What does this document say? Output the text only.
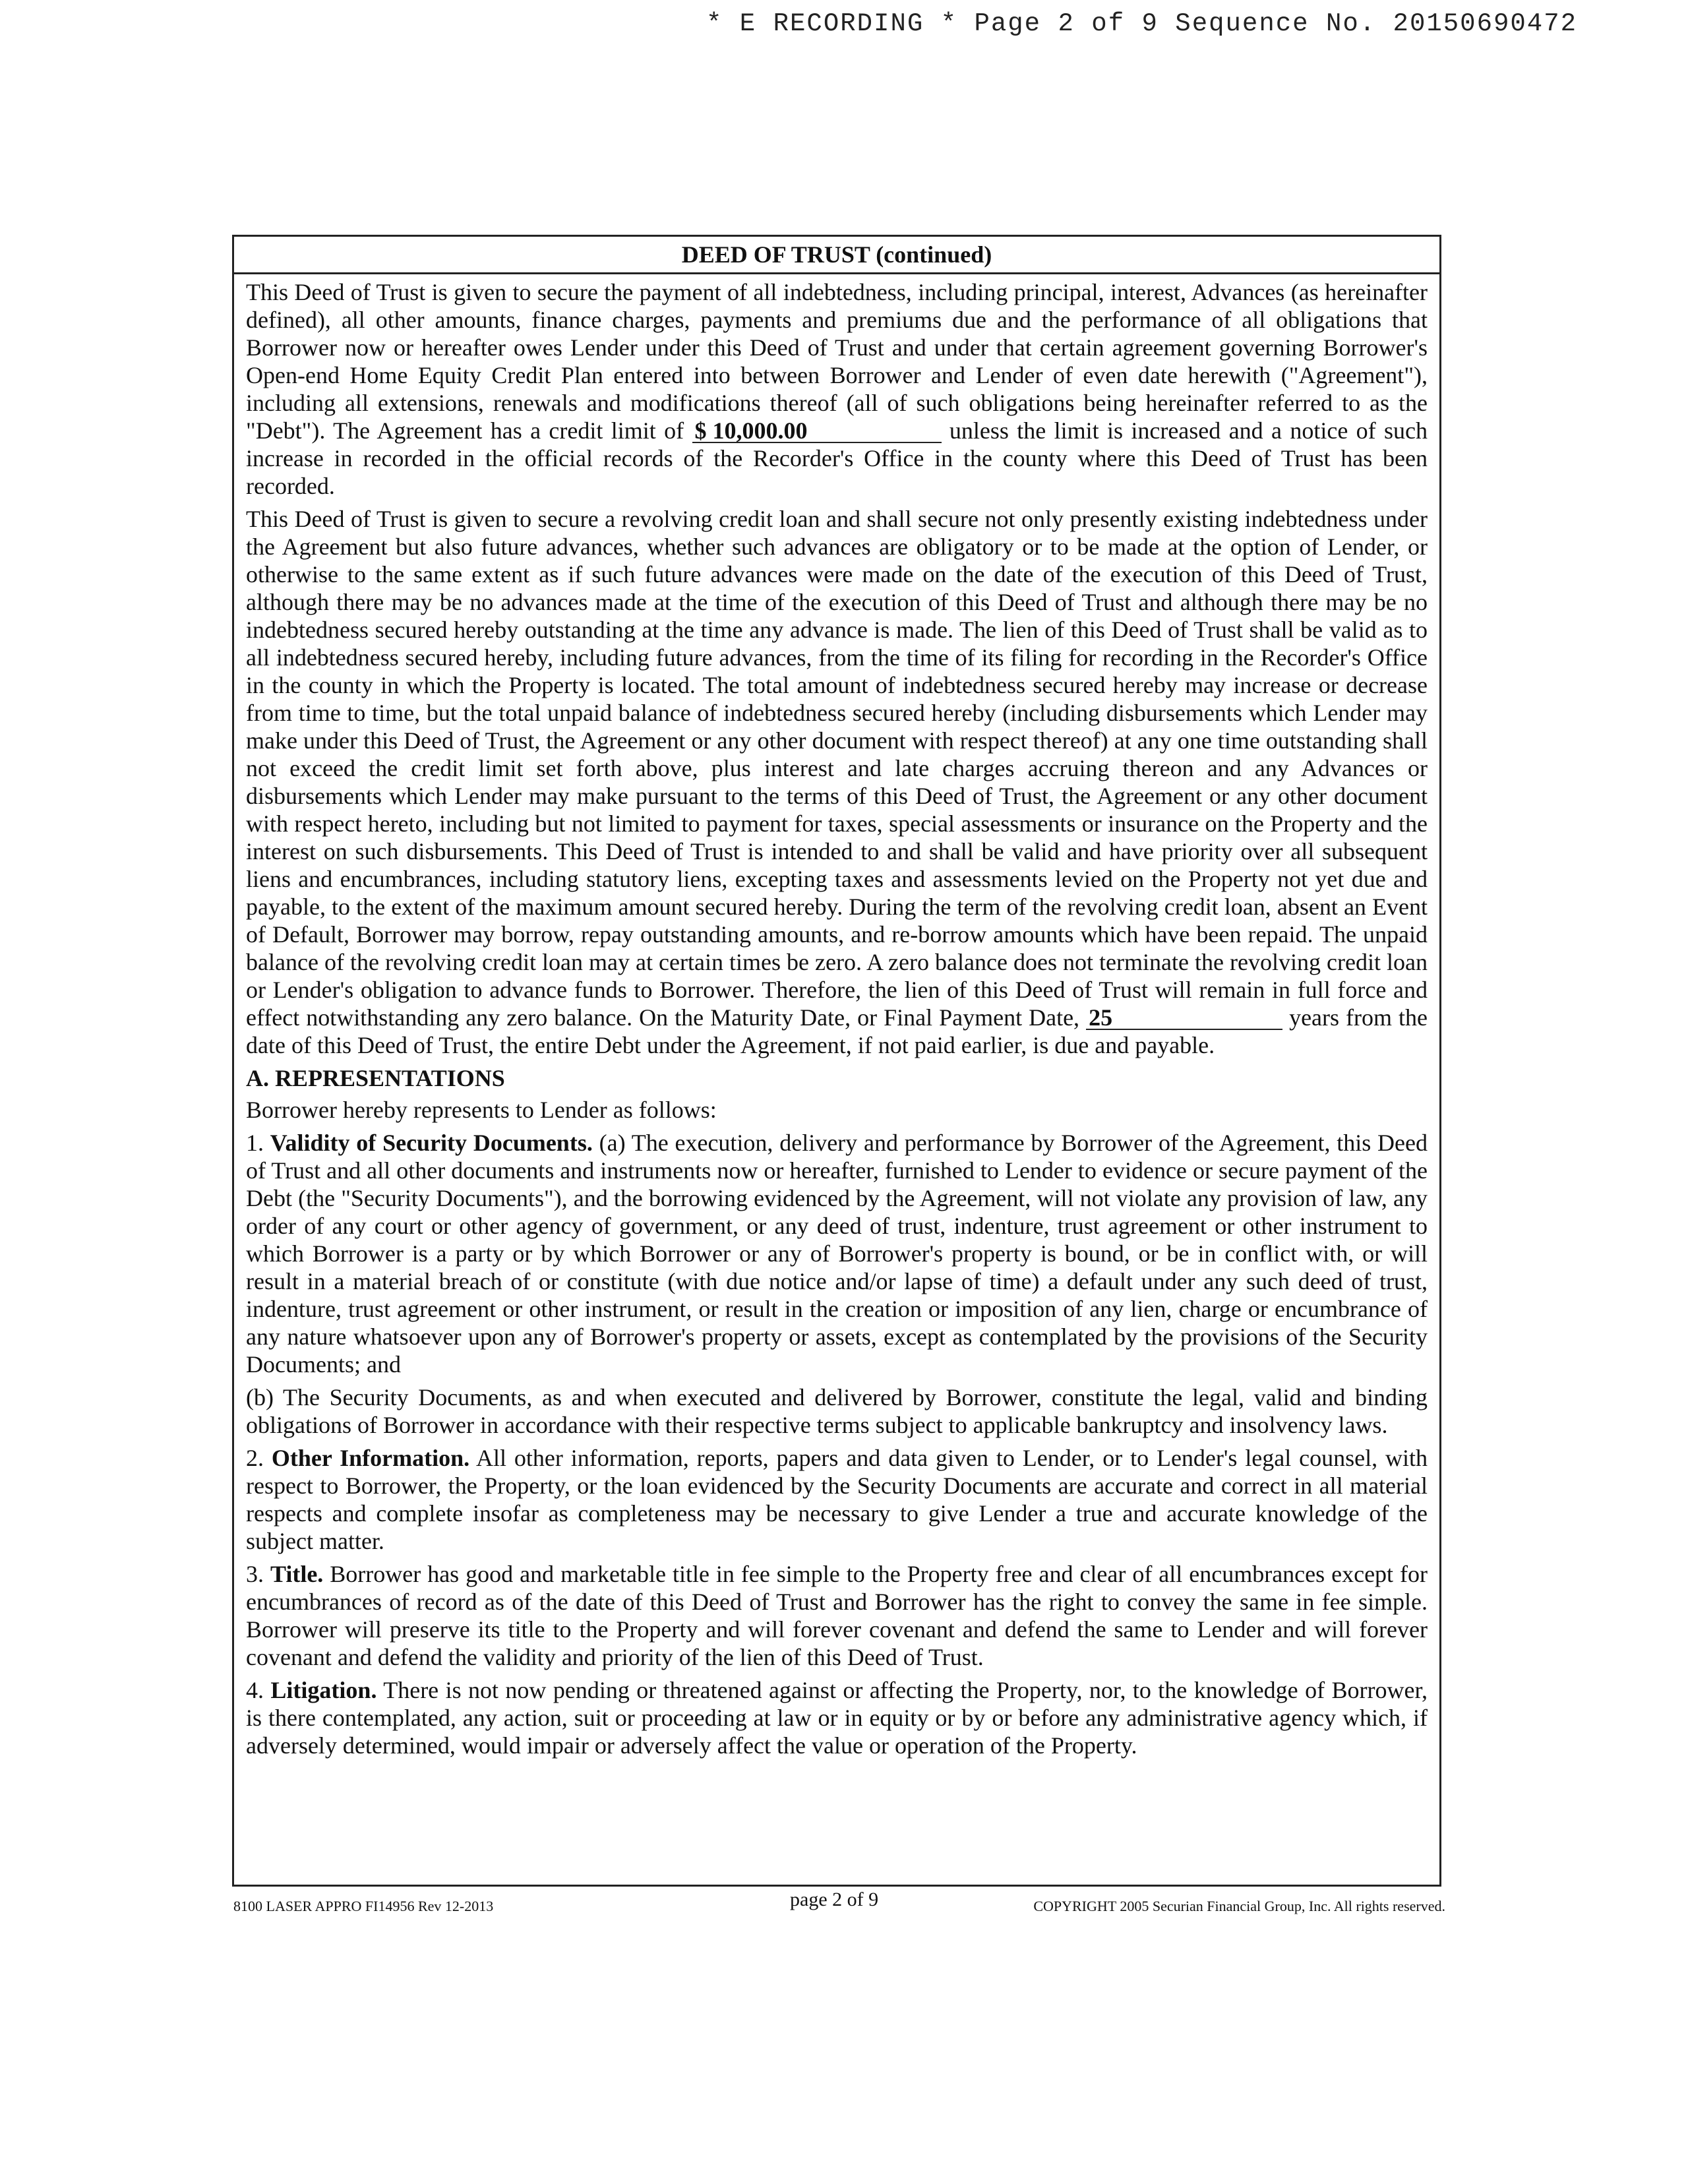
* E RECORDING * Page 2 of 9 Sequence No. 20150690472
DEED OF TRUST (continued)

This Deed of Trust is given to secure the payment of all indebtedness, including principal, interest, Advances (as hereinafter defined), all other amounts, finance charges, payments and premiums due and the performance of all obligations that Borrower now or hereafter owes Lender under this Deed of Trust and under that certain agreement governing Borrower's Open-end Home Equity Credit Plan entered into between Borrower and Lender of even date herewith ("Agreement"), including all extensions, renewals and modifications thereof (all of such obligations being hereinafter referred to as the "Debt"). The Agreement has a credit limit of $ 10,000.00	unless the limit is increased and a notice of such increase in recorded in the official records of the Recorder's Office in the county where this Deed of Trust has been recorded.

This Deed of Trust is given to secure a revolving credit loan and shall secure not only presently existing indebtedness under the Agreement but also future advances, whether such advances are obligatory or to be made at the option of Lender, or otherwise to the same extent as if such future advances were made on the date of the execution of this Deed of Trust, although there may be no advances made at the time of the execution of this Deed of Trust and although there may be no indebtedness secured hereby outstanding at the time any advance is made. The lien of this Deed of Trust shall be valid as to all indebtedness secured hereby, including future advances, from the time of its filing for recording in the Recorder's Office in the county in which the Property is located. The total amount of indebtedness secured hereby may increase or decrease from time to time, but the total unpaid balance of indebtedness secured hereby (including disbursements which Lender may make under this Deed of Trust, the Agreement or any other document with respect thereof) at any one time outstanding shall not exceed the credit limit set forth above, plus interest and late charges accruing thereon and any Advances or disbursements which Lender may make pursuant to the terms of this Deed of Trust, the Agreement or any other document with respect hereto, including but not limited to payment for taxes, special assessments or insurance on the Property and the interest on such disbursements. This Deed of Trust is intended to and shall be valid and have priority over all subsequent liens and encumbrances, including statutory liens, excepting taxes and assessments levied on the Property not yet due and payable, to the extent of the maximum amount secured hereby. During the term of the revolving credit loan, absent an Event of Default, Borrower may borrow, repay outstanding amounts, and re-borrow amounts which have been repaid. The unpaid balance of the revolving credit loan may at certain times be zero. A zero balance does not terminate the revolving credit loan or Lender's obligation to advance funds to Borrower. Therefore, the lien of this Deed of Trust will remain in full force and effect notwithstanding any zero balance. On the Maturity Date, or Final Payment Date, 25	years from the date of this Deed of Trust, the entire Debt under the Agreement, if not paid earlier, is due and payable.

A. REPRESENTATIONS

Borrower hereby represents to Lender as follows:

1. Validity of Security Documents. (a) The execution, delivery and performance by Borrower of the Agreement, this Deed of Trust and all other documents and instruments now or hereafter, furnished to Lender to evidence or secure payment of the Debt (the "Security Documents"), and the borrowing evidenced by the Agreement, will not violate any provision of law, any order of any court or other agency of government, or any deed of trust, indenture, trust agreement or other instrument to which Borrower is a party or by which Borrower or any of Borrower's property is bound, or be in conflict with, or will result in a material breach of or constitute (with due notice and/or lapse of time) a default under any such deed of trust, indenture, trust agreement or other instrument, or result in the creation or imposition of any lien, charge or encumbrance of any nature whatsoever upon any of Borrower's property or assets, except as contemplated by the provisions of the Security Documents; and

(b) The Security Documents, as and when executed and delivered by Borrower, constitute the legal, valid and binding obligations of Borrower in accordance with their respective terms subject to applicable bankruptcy and insolvency laws.

2. Other Information. All other information, reports, papers and data given to Lender, or to Lender's legal counsel, with respect to Borrower, the Property, or the loan evidenced by the Security Documents are accurate and correct in all material respects and complete insofar as completeness may be necessary to give Lender a true and accurate knowledge of the subject matter.

3. Title. Borrower has good and marketable title in fee simple to the Property free and clear of all encumbrances except for encumbrances of record as of the date of this Deed of Trust and Borrower has the right to convey the same in fee simple. Borrower will preserve its title to the Property and will forever covenant and defend the same to Lender and will forever covenant and defend the validity and priority of the lien of this Deed of Trust.

4. Litigation. There is not now pending or threatened against or affecting the Property, nor, to the knowledge of Borrower, is there contemplated, any action, suit or proceeding at law or in equity or by or before any administrative agency which, if adversely determined, would impair or adversely affect the value or operation of the Property.

8100 LASER APPRO FI14956 Rev 12-2013	page 2 of 9	COPYRIGHT 2005 Securian Financial Group, Inc. All rights reserved.
